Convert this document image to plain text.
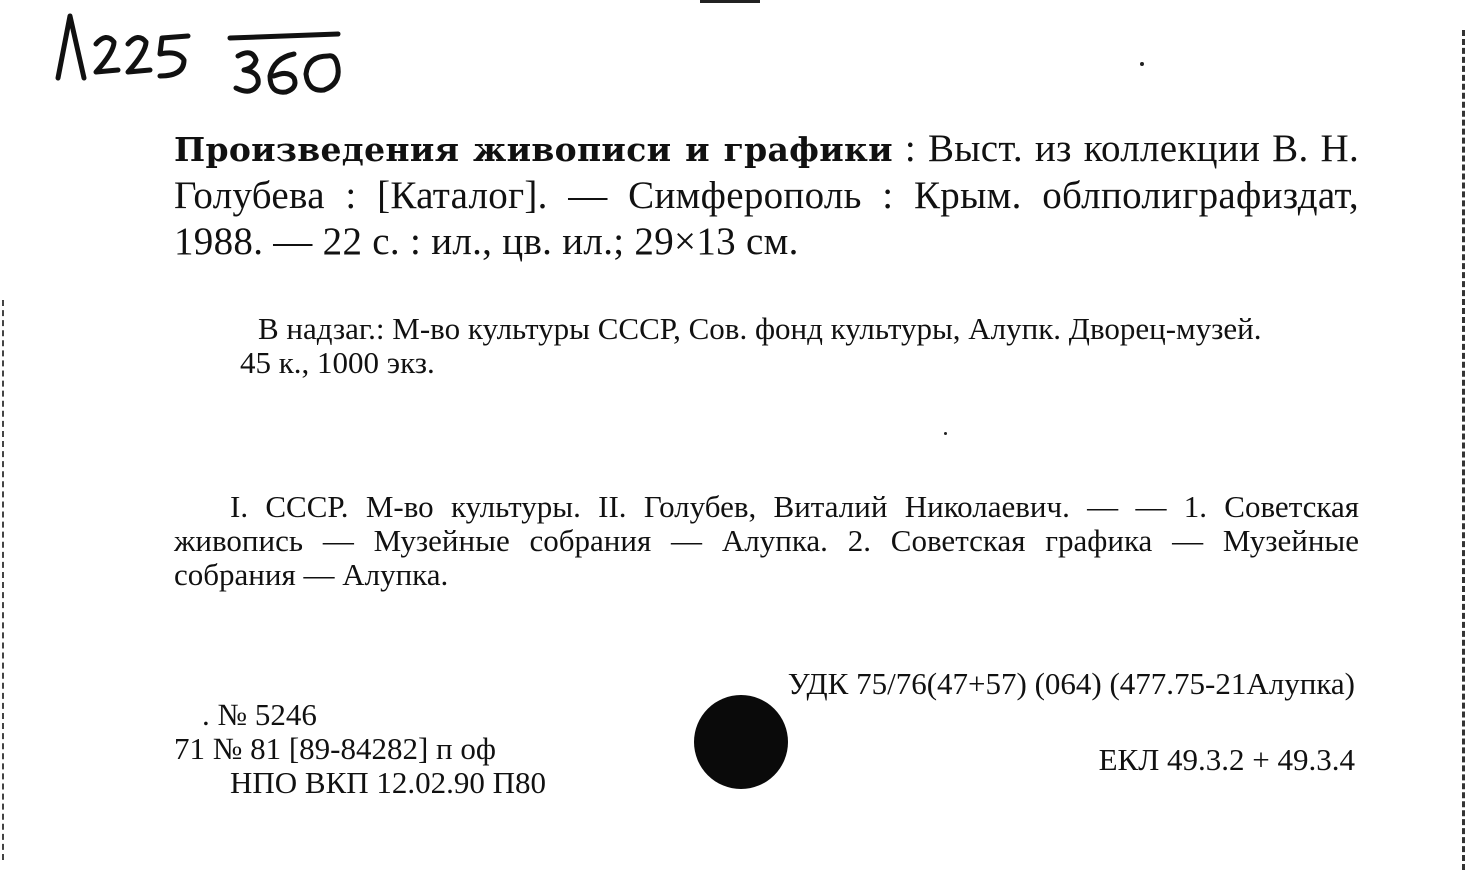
Произведения живописи и графики : Выст. из коллекции В. Н. Голубева : [Каталог]. — Симферополь : Крым. облполиграфиздат, 1988. — 22 с. : ил., цв. ил.; 29×13 см.
В надзаг.: М-во культуры СССР, Сов. фонд культуры, Алупк. Дворец-музей.
45 к., 1000 экз.
I. СССР. М-во культуры. II. Голубев, Виталий Николаевич. — — 1. Советская живопись — Музейные собрания — Алупка. 2. Советская графика — Музейные собрания — Алупка.
УДК 75/76(47+57) (064) (477.75-21Алупка)
. № 5246
71 № 81 [89-84282] п оф
НПО ВКП 12.02.90 П80
ЕКЛ 49.3.2 + 49.3.4
